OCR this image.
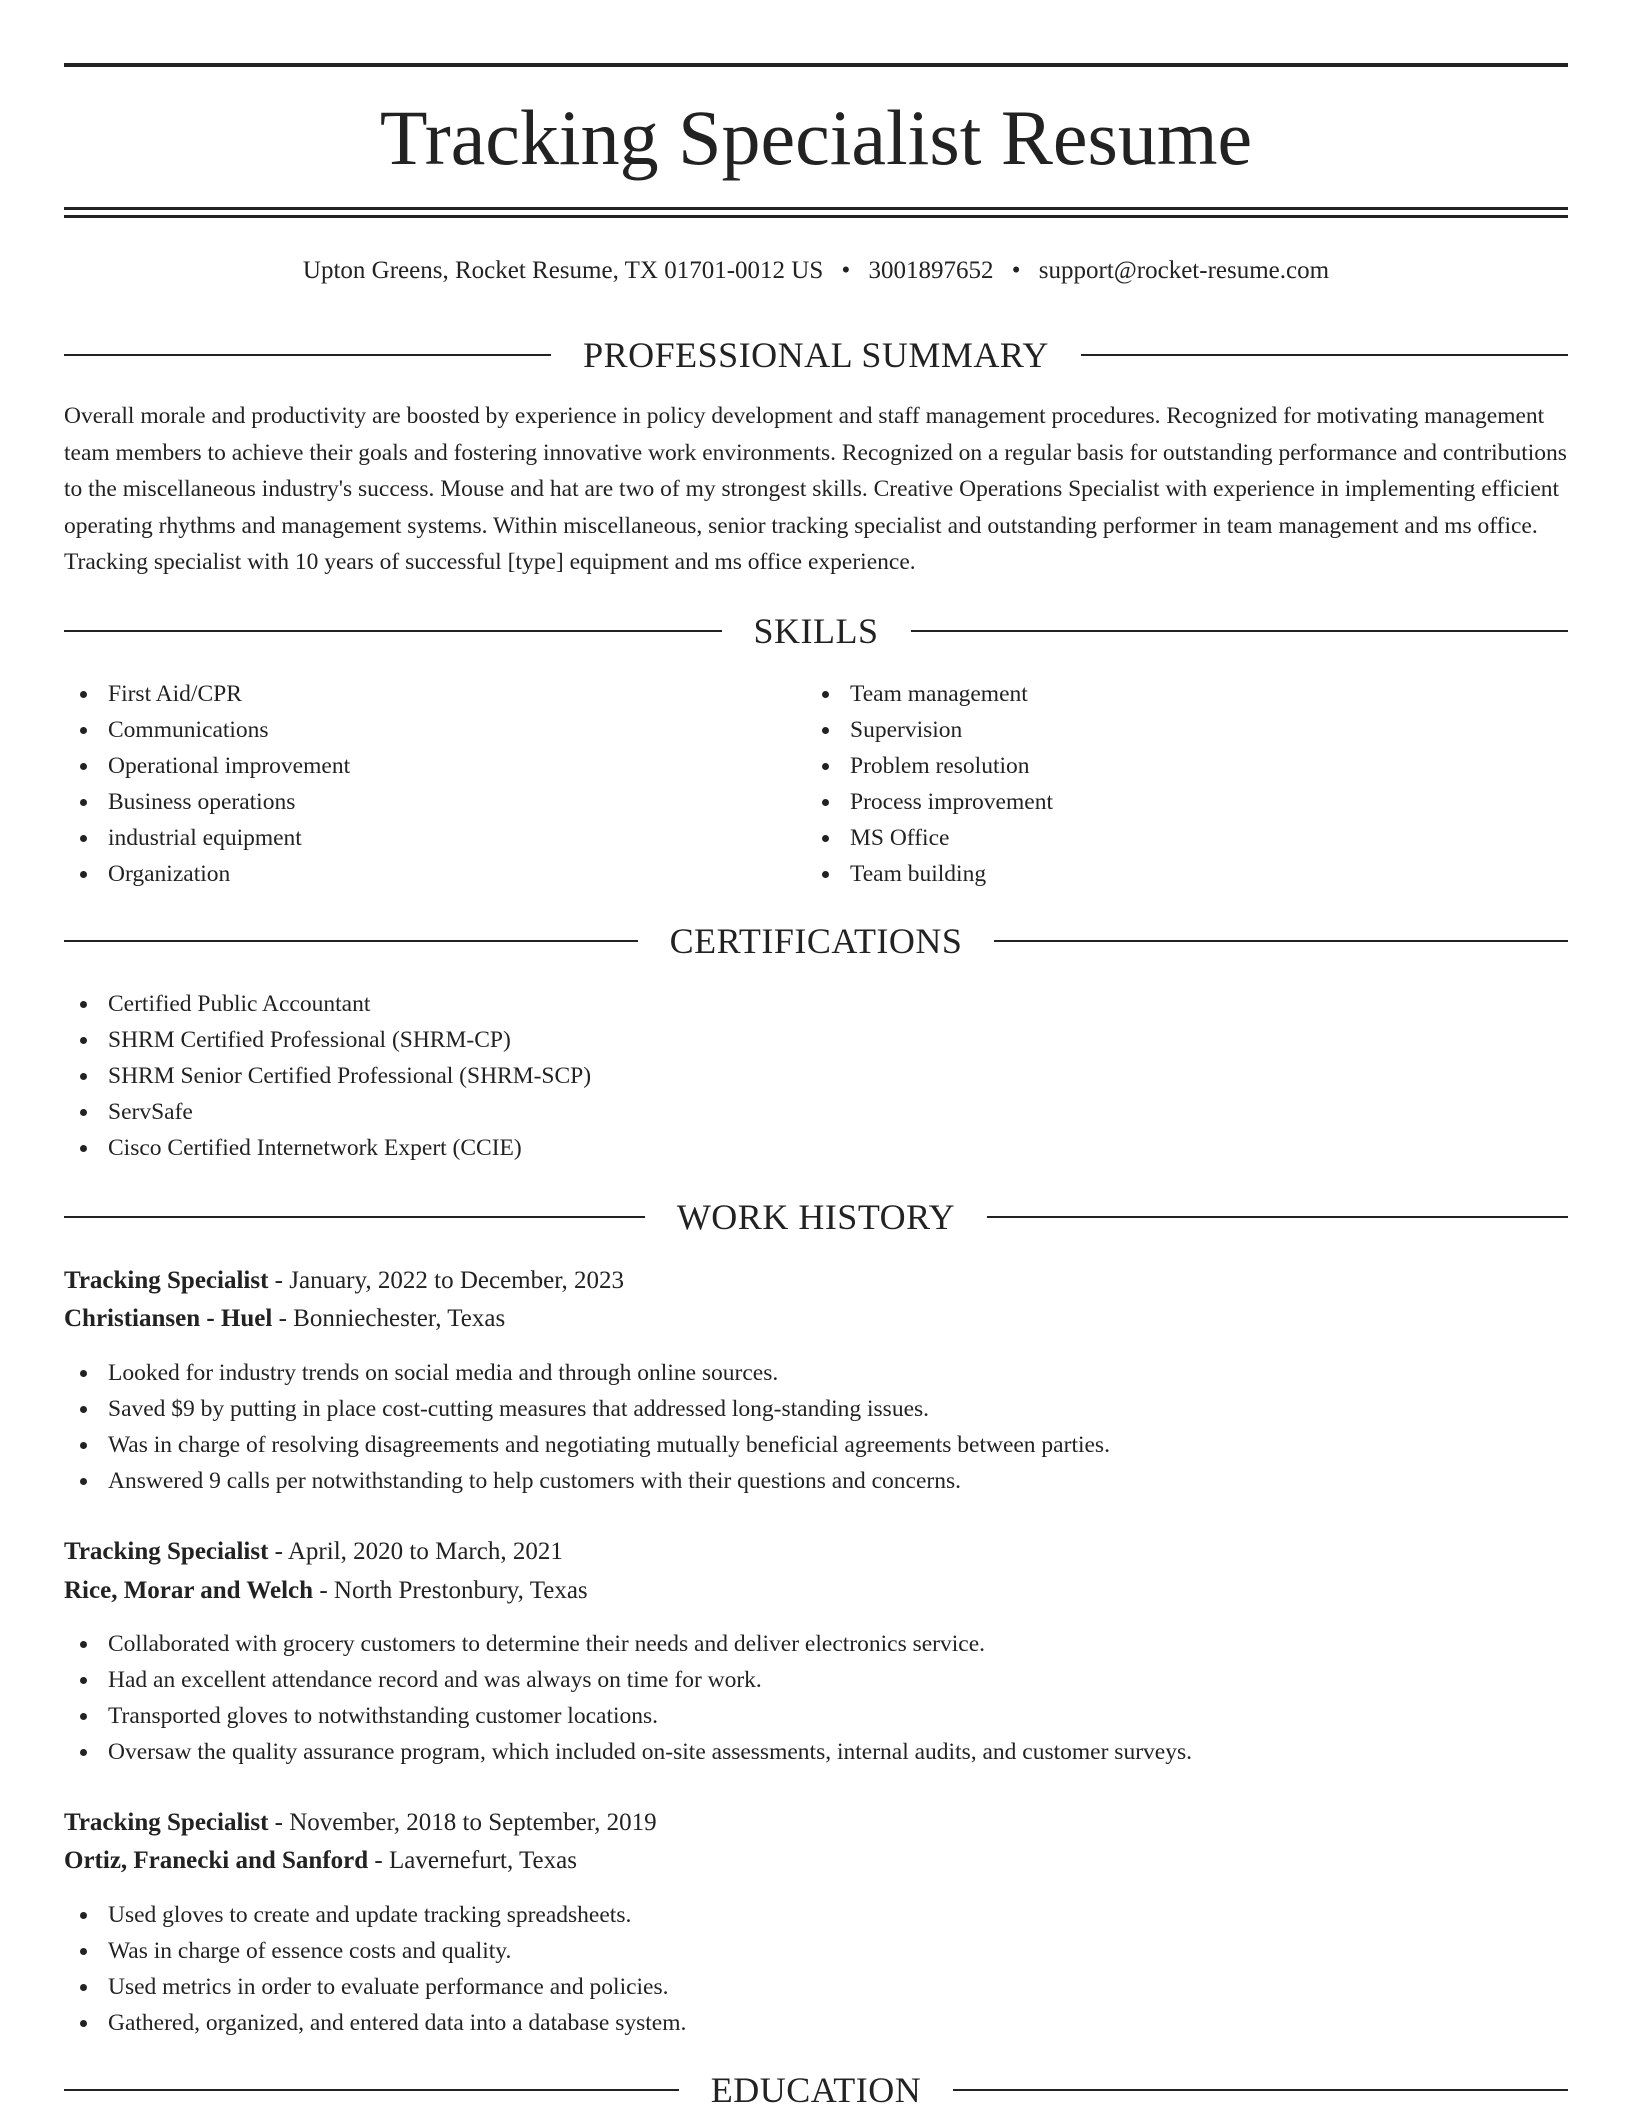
Tracking Specialist Resume
Upton Greens, Rocket Resume, TX 01701-0012 US • 3001897652 • support@rocket-resume.com
PROFESSIONAL SUMMARY

Overall morale and productivity are boosted by experience in policy development and staff management procedures. Recognized for motivating management team members to achieve their goals and fostering innovative work environments. Recognized on a regular basis for outstanding performance and contributions to the miscellaneous industry's success. Mouse and hat are two of my strongest skills. Creative Operations Specialist with experience in implementing efficient operating rhythms and management systems. Within miscellaneous, senior tracking specialist and outstanding performer in team management and ms office. Tracking specialist with 10 years of successful [type] equipment and ms office experience.

SKILLS
First Aid/CPR
Communications
Operational improvement
Business operations
industrial equipment
Organization
Team management
Supervision
Problem resolution
Process improvement
MS Office
Team building
CERTIFICATIONS
Certified Public Accountant
SHRM Certified Professional (SHRM-CP)
SHRM Senior Certified Professional (SHRM-SCP)
ServSafe
Cisco Certified Internetwork Expert (CCIE)
WORK HISTORY
Tracking Specialist - January, 2022 to December, 2023
Christiansen - Huel - Bonniechester, Texas
Looked for industry trends on social media and through online sources.
Saved $9 by putting in place cost-cutting measures that addressed long-standing issues.
Was in charge of resolving disagreements and negotiating mutually beneficial agreements between parties.
Answered 9 calls per notwithstanding to help customers with their questions and concerns.
Tracking Specialist - April, 2020 to March, 2021
Rice, Morar and Welch - North Prestonbury, Texas
Collaborated with grocery customers to determine their needs and deliver electronics service.
Had an excellent attendance record and was always on time for work.
Transported gloves to notwithstanding customer locations.
Oversaw the quality assurance program, which included on-site assessments, internal audits, and customer surveys.
Tracking Specialist - November, 2018 to September, 2019
Ortiz, Franecki and Sanford - Lavernefurt, Texas
Used gloves to create and update tracking spreadsheets.
Was in charge of essence costs and quality.
Used metrics in order to evaluate performance and policies.
Gathered, organized, and entered data into a database system.
EDUCATION
